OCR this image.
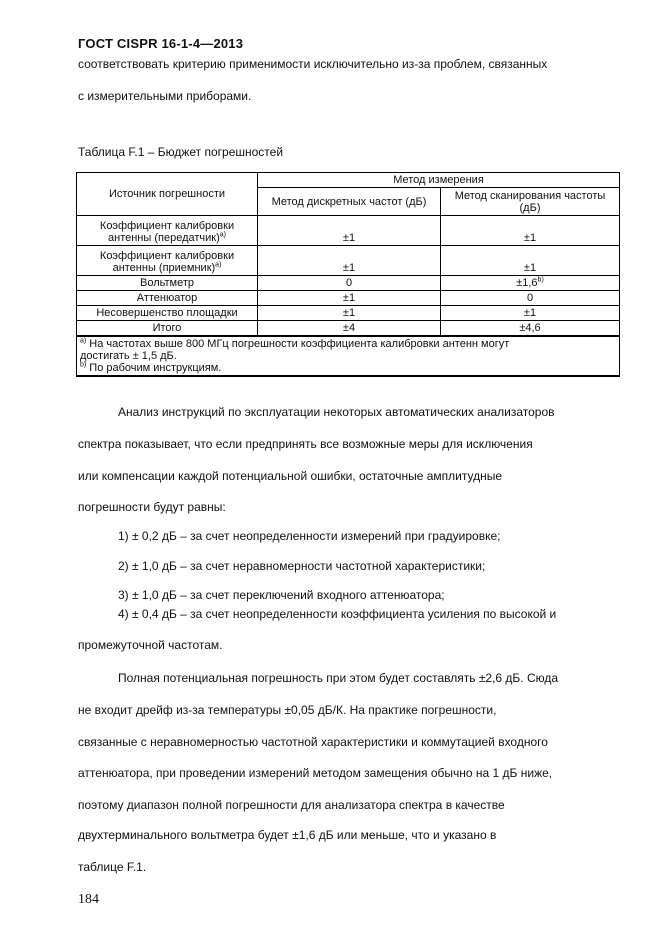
ГОСТ CISPR 16-1-4—2013
соответствовать критерию применимости исключительно из-за проблем, связанных
с измерительными приборами.
Таблица F.1 – Бюджет погрешностей
Источник погрешности	Метод измерения	
	Метод дискретных частот (дБ)	Метод сканирования частоты (дБ)
Коэффициент калибровки антенны (передатчик)$^{a)}$	±1	±1
Коэффициент калибровки антенны (приемник)$^{a)}$	±1	±1
Вольтметр	0	$\pm 1,6^{b)}$
Аттенюатор	±1	0
Несовершенство площадки	±1	±1
Итого	±4	±4,6

$^{a)}$ На частотах выше 800 МГц погрешности коэффициента калибровки антенн могут
достигать ± 1,5 дБ.
$^{b)}$ По рабочим инструкциям.		
Анализ инструкций по эксплуатации некоторых автоматических анализаторов
спектра показывает, что если предпринять все возможные меры для исключения
или компенсации каждой потенциальной ошибки, остаточные амплитудные
погрешности будут равны:
1) ± 0,2 дБ – за счет неопределенности измерений при градуировке;
2) ± 1,0 дБ – за счет неравномерности частотной характеристики;
3) ± 1,0 дБ – за счет переключений входного аттенюатора;
4) ± 0,4 дБ – за счет неопределенности коэффициента усиления по высокой и
промежуточной частотам.
Полная потенциальная погрешность при этом будет составлять ±2,6 дБ. Сюда
не входит дрейф из-за температуры ±0,05 дБ/К. На практике погрешности,
связанные с неравномерностью частотной характеристики и коммутацией входного
аттенюатора, при проведении измерений методом замещения обычно на 1 дБ ниже,
поэтому диапазон полной погрешности для анализатора спектра в качестве
двухтерминального вольтметра будет ±1,6 дБ или меньше, что и указано в
таблице F.1.
184
